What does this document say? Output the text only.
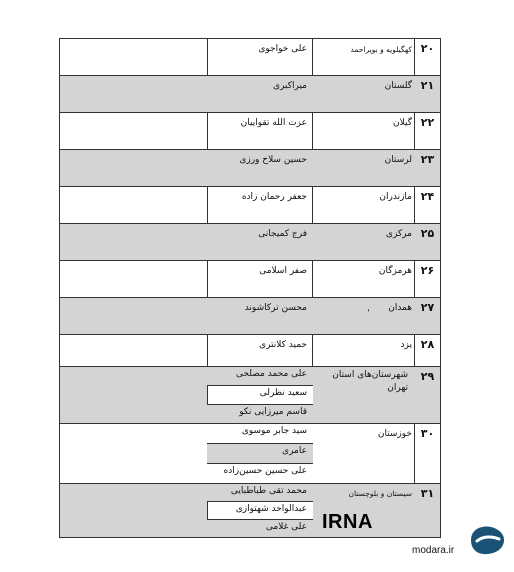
۲۰
کهگیلویه و بویراحمد
علی خواجوی
۲۱
گلستان
میراکبری
۲۲
گیلان
عزت الله تقواییان
۲۳
لرستان
حسین سلاح ورزی
۲۴
مازندران
جعفر رحمان زاده
۲۵
مرکزی
فرج کمیجانی
۲۶
هرمزگان
صفر اسلامی
۲۷
همدان
محسن ترکاشوند
۲۸
یزد
حمید کلانتری
۲۹
شهرستان‌های استان تهران
علی محمد مصلحی
سعید نظرلی
قاسم میرزایی نکو
۳۰
خوزستان
سید جابر موسوی
عامری
علی حسین حسین‌زاده
۳۱
سیستان و بلوچستان
محمد تقی طباطبایی
عبدالواحد شهتوازی
علی غلامی
ʼ
IRNA
modara.ir
